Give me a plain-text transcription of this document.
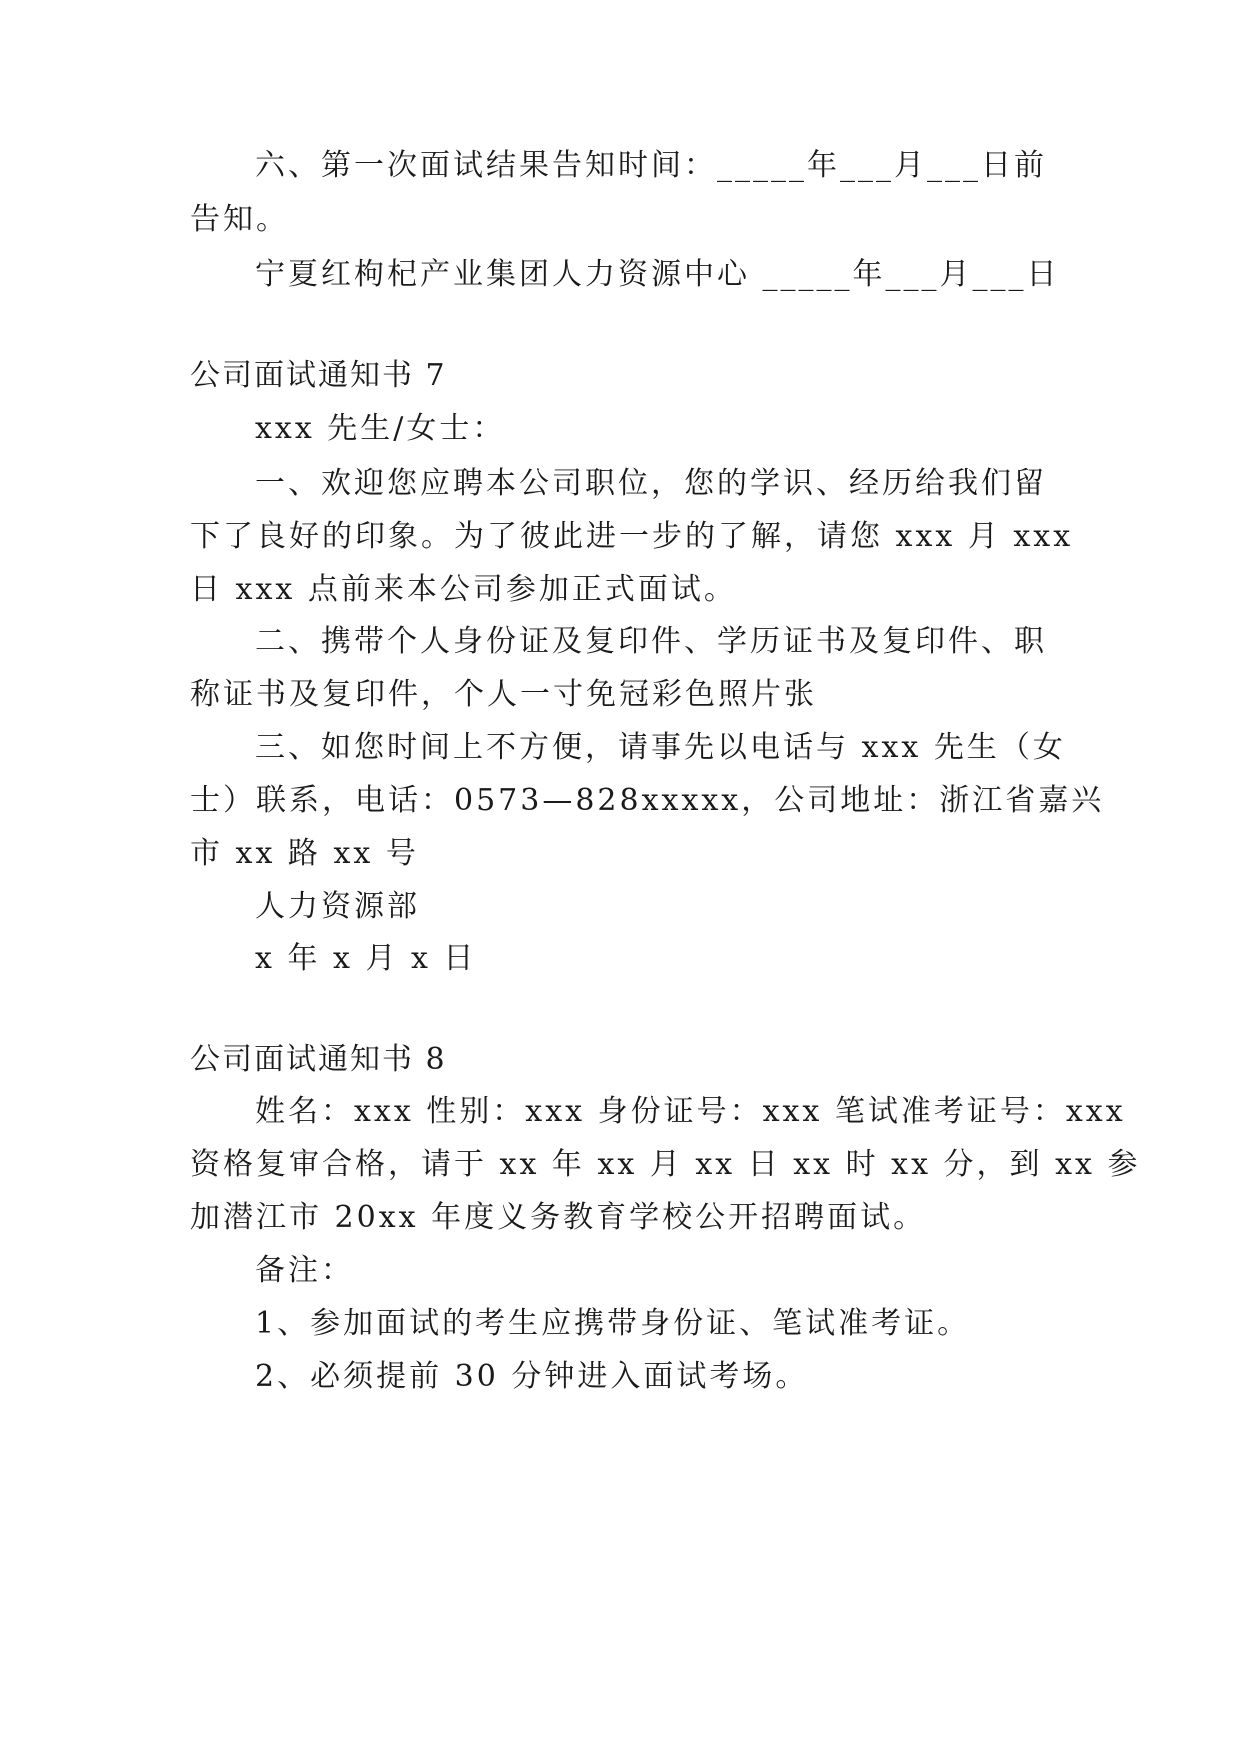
六、第一次面试结果告知时间：_____年___月___日前
告知。
宁夏红枸杞产业集团人力资源中心 _____年___月___日
公司面试通知书 7
xxx 先生/女士：
一、欢迎您应聘本公司职位，您的学识、经历给我们留
下了良好的印象。为了彼此进一步的了解，请您 xxx 月 xxx
日 xxx 点前来本公司参加正式面试。
二、携带个人身份证及复印件、学历证书及复印件、职
称证书及复印件，个人一寸免冠彩色照片张
三、如您时间上不方便，请事先以电话与 xxx 先生（女
士）联系，电话：0573—828xxxxx，公司地址：浙江省嘉兴
市 xx 路 xx 号
人力资源部
x 年 x 月 x 日
公司面试通知书 8
姓名：xxx 性别：xxx 身份证号：xxx 笔试准考证号：xxx
资格复审合格，请于 xx 年 xx 月 xx 日 xx 时 xx 分，到 xx 参
加潜江市 20xx 年度义务教育学校公开招聘面试。
备注：
1、参加面试的考生应携带身份证、笔试准考证。
2、必须提前 30 分钟进入面试考场。
